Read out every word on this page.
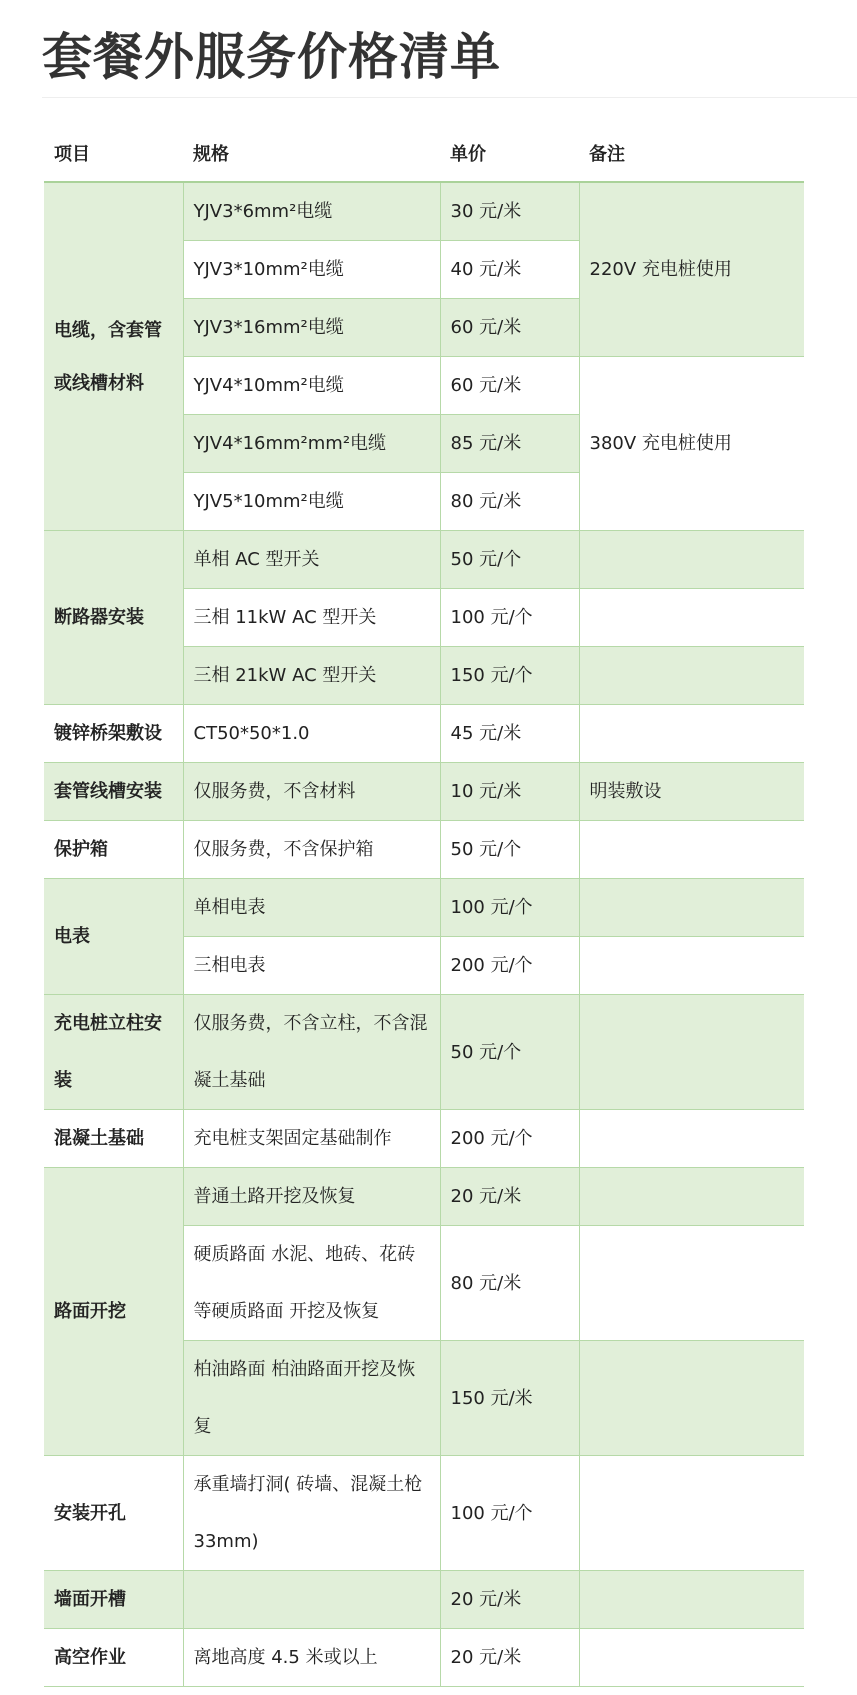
套餐外服务价格清单
项目	规格	单价	备注
电缆，含套管或线槽材料	YJV3*6mm²电缆	30 元/米	220V 充电桩使用
	YJV3*10mm²电缆	40 元/米	
	YJV3*16mm²电缆	60 元/米	
	YJV4*10mm²电缆	60 元/米	380V 充电桩使用
	YJV4*16mm²mm²电缆	85 元/米	
	YJV5*10mm²电缆	80 元/米	
断路器安装	单相 AC 型开关	50 元/个	
	三相 11kW AC 型开关	100 元/个	
	三相 21kW AC 型开关	150 元/个	
镀锌桥架敷设	CT50*50*1.0	45 元/米	
套管线槽安装	仅服务费，不含材料	10 元/米	明装敷设
保护箱	仅服务费，不含保护箱	50 元/个	
电表	单相电表	100 元/个	
	三相电表	200 元/个	
充电桩立柱安装	仅服务费，不含立柱，不含混凝土基础	50 元/个	
混凝土基础	充电桩支架固定基础制作	200 元/个	
路面开挖	普通土路开挖及恢复	20 元/米	
	硬质路面 水泥、地砖、花砖等硬质路面 开挖及恢复	80 元/米	
	柏油路面 柏油路面开挖及恢复	150 元/米	
安装开孔	承重墙打洞( 砖墙、混凝土枪33mm)	100 元/个	
墙面开槽		20 元/米	
高空作业	离地高度 4.5 米或以上	20 元/米	
